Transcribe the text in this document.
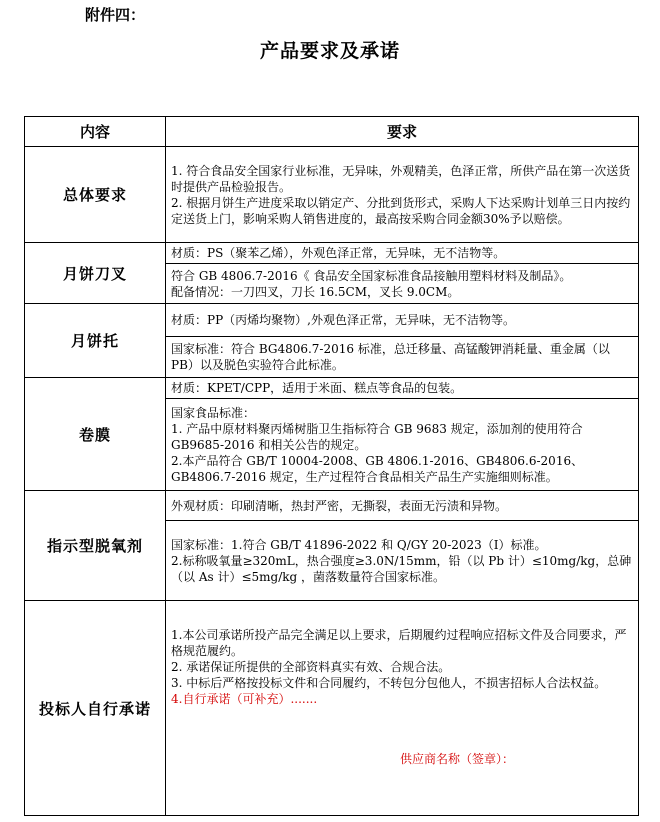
附件四：
产品要求及承诺
内容	要求
总体要求	1. 符合食品安全国家行业标准，无异味，外观精美，色泽正常，所供产品在第一次送货时提供产品检验报告。

2. 根据月饼生产进度采取以销定产、分批到货形式，采购人下达采购计划单三日内按约定送货上门，影响采购人销售进度的，最高按采购合同金额30%予以赔偿。

月饼刀叉	材质：PS（聚苯乙烯），外观色泽正常，无异味，无不洁物等。

	符合 GB 4806.7-2016《 食品安全国家标准食品接触用塑料材料及制品》。

配备情况：一刀四叉，刀长 16.5CM，叉长 9.0CM。

月饼托	材质：PP（丙烯均聚物）,外观色泽正常，无异味，无不洁物等。
	国家标准：符合 BG4806.7-2016 标准，总迁移量、高锰酸钾消耗量、重金属（以 PB）以及脱色实验符合此标准。
卷膜	材质：KPET/CPP，适用于米面、糕点等食品的包装。

	国家食品标准：

1. 产品中原材料聚丙烯树脂卫生指标符合 GB 9683 规定，添加剂的使用符合 GB9685-2016 和相关公告的规定。

2.本产品符合 GB/T 10004-2008、GB 4806.1-2016、GB4806.6-2016、GB4806.7-2016 规定，生产过程符合食品相关产品生产实施细则标准。

指示型脱氧剂	外观材质：印刷清晰，热封严密，无撕裂，表面无污渍和异物。

	国家标准：1.符合 GB/T 41896-2022 和 Q/GY 20-2023（I）标准。

2.标称吸氧量≥320mL，热合强度≥3.0N/15mm，铅（以 Pb 计）≤10mg/kg，总砷（以 As 计）≤5mg/kg ，菌落数量符合国家标准。

投标人自行承诺	1.本公司承诺所投产品完全满足以上要求，后期履约过程响应招标文件及合同要求，严格规范履约。

2. 承诺保证所提供的全部资料真实有效、合规合法。

3. 中标后严格按投标文件和合同履约，不转包分包他人，不损害招标人合法权益。

4.自行承诺（可补充）.......

供应商名称（签章）：
